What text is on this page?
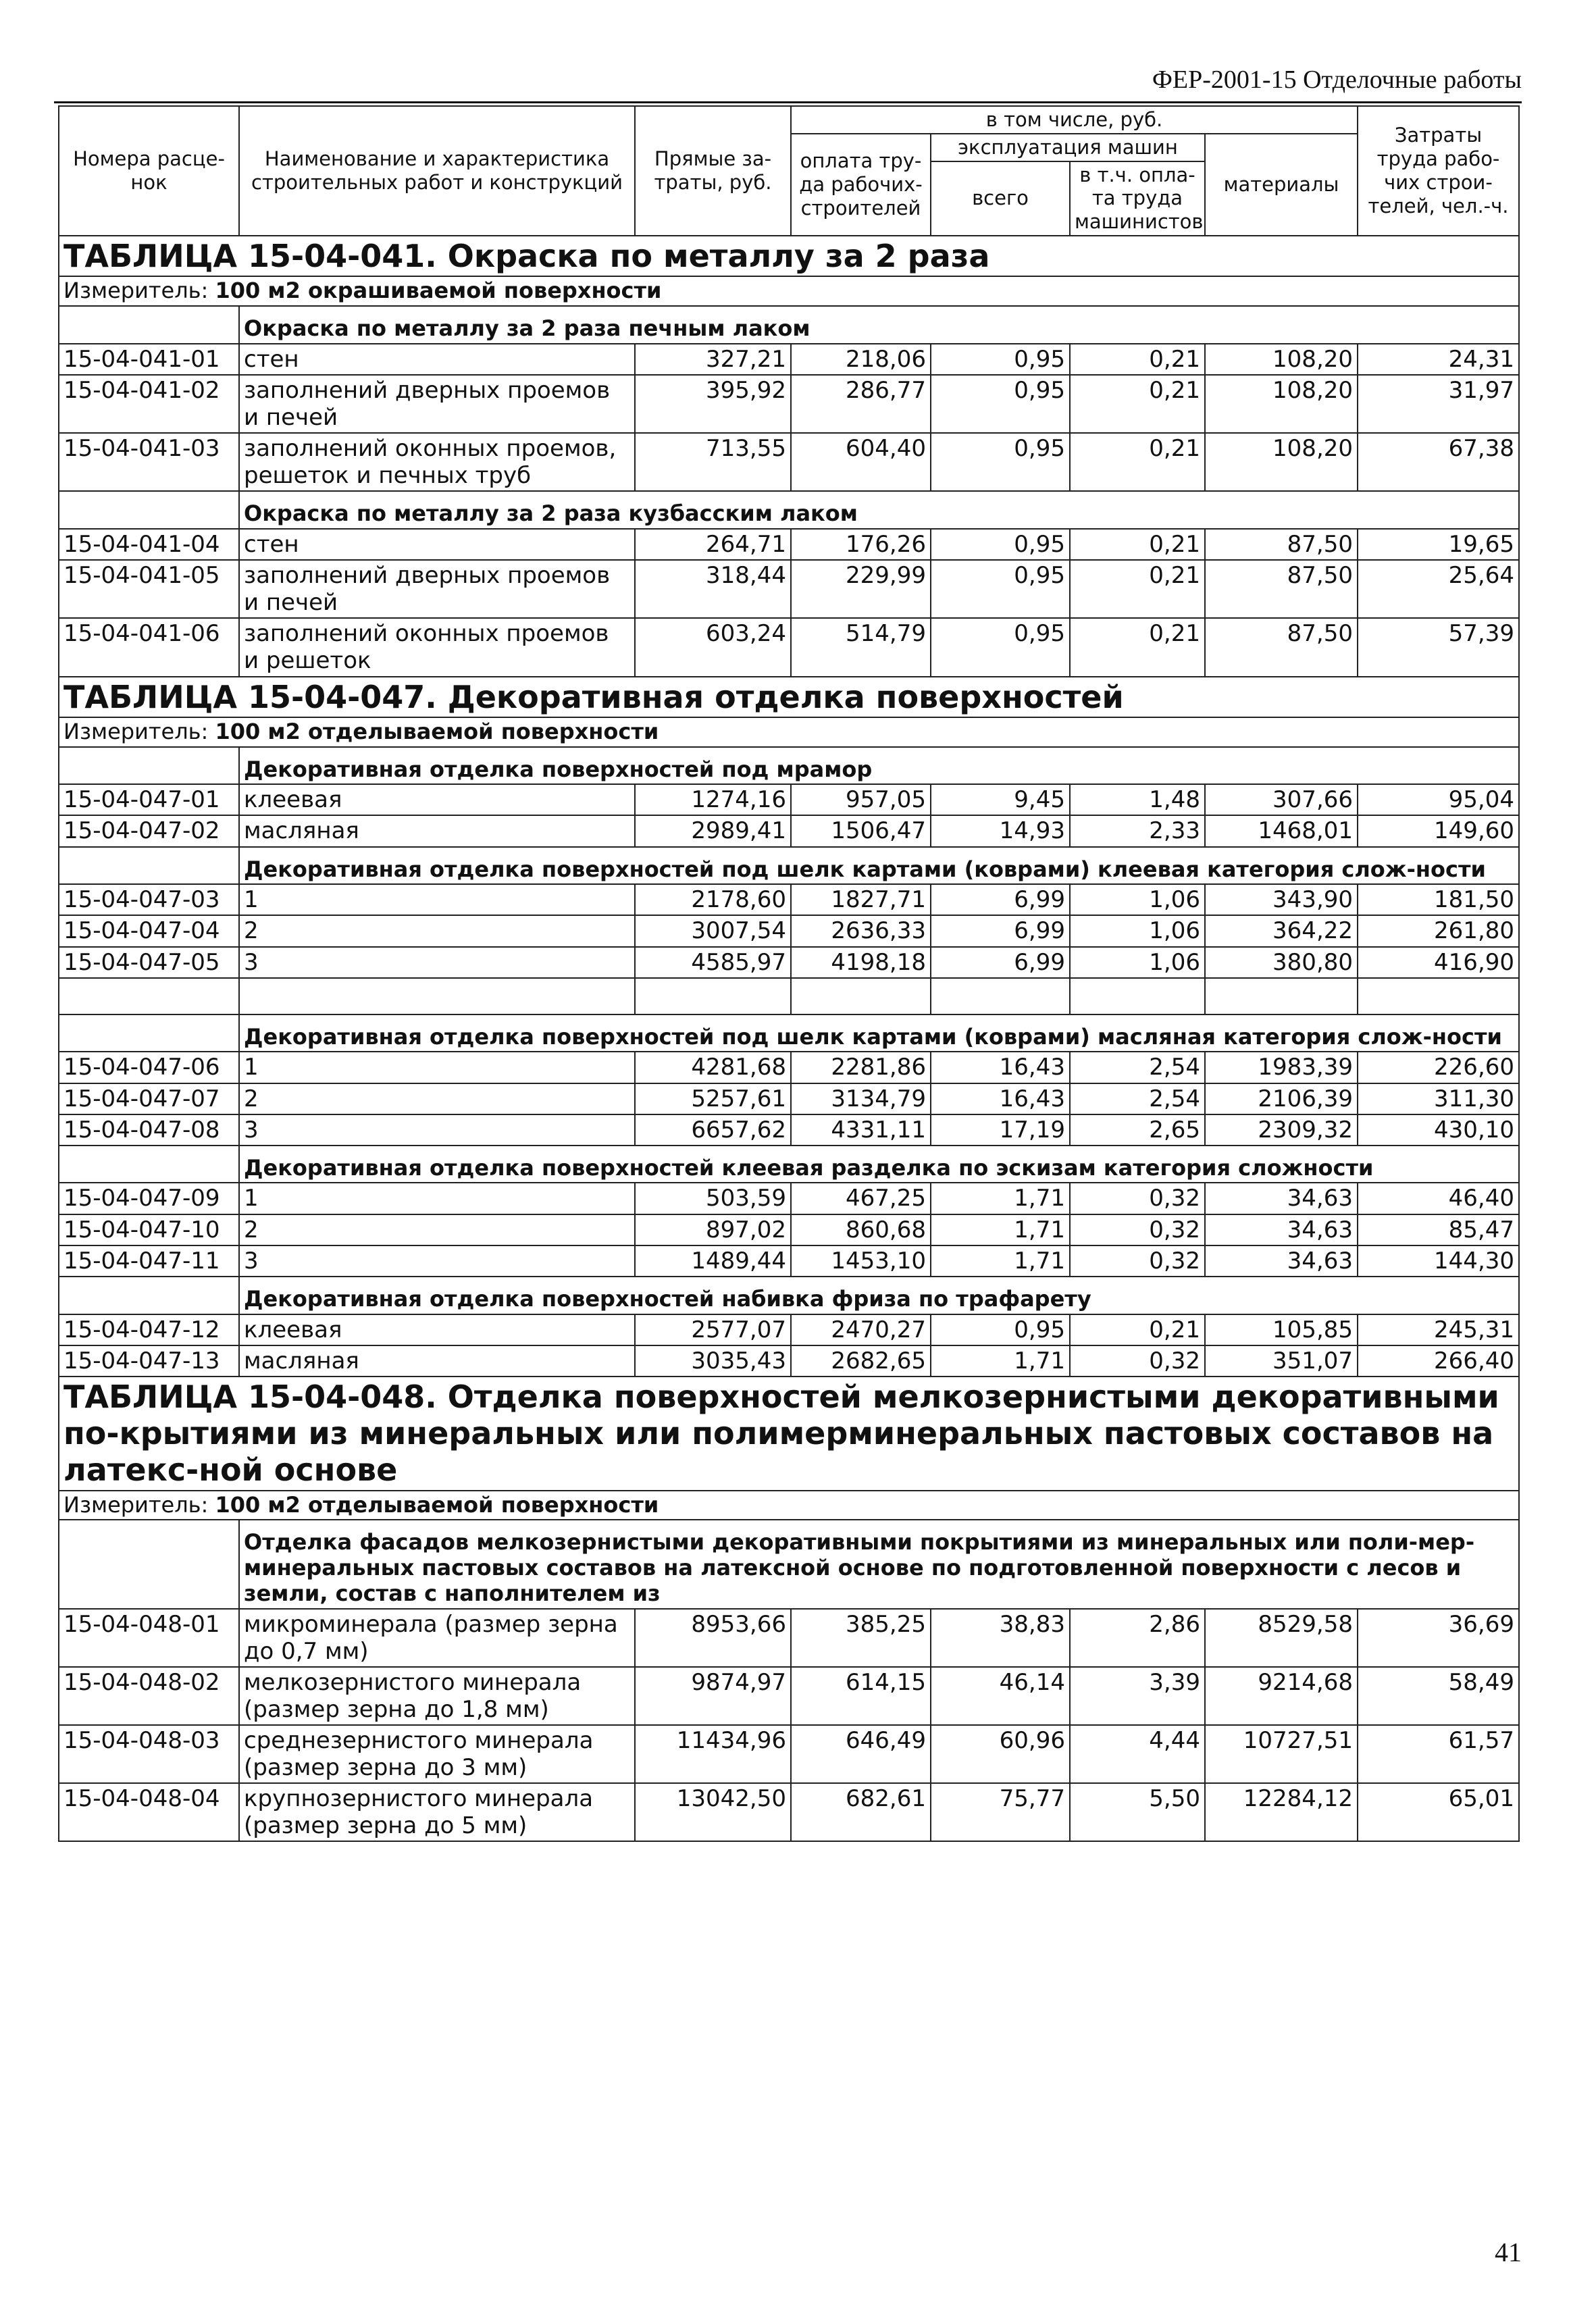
ФЕР-2001-15 Отделочные работы
Номера расце-нок	Наименование и характеристика строительных работ и конструкций	Прямые за-траты, руб.	в том числе, руб.				Затраты труда рабо-чих строи-телей, чел.-ч.
			оплата тру-да рабочих-строителей	эксплуатация машин		материалы	
				всего	в т.ч. опла-та труда машинистов		
ТАБЛИЦА 15-04-041. Окраска по металлу за 2 раза							
Измеритель: 100 м2 окрашиваемой поверхности							
	Окраска по металлу за 2 раза печным лаком						
15-04-041-01	стен	327,21	218,06	0,95	0,21	108,20	24,31
15-04-041-02	заполнений дверных проемов и печей	395,92	286,77	0,95	0,21	108,20	31,97
15-04-041-03	заполнений оконных проемов, решеток и печных труб	713,55	604,40	0,95	0,21	108,20	67,38
	Окраска по металлу за 2 раза кузбасским лаком						
15-04-041-04	стен	264,71	176,26	0,95	0,21	87,50	19,65
15-04-041-05	заполнений дверных проемов и печей	318,44	229,99	0,95	0,21	87,50	25,64
15-04-041-06	заполнений оконных проемов и решеток	603,24	514,79	0,95	0,21	87,50	57,39
ТАБЛИЦА 15-04-047. Декоративная отделка поверхностей							
Измеритель: 100 м2 отделываемой поверхности							
	Декоративная отделка поверхностей под мрамор						
15-04-047-01	клеевая	1274,16	957,05	9,45	1,48	307,66	95,04
15-04-047-02	масляная	2989,41	1506,47	14,93	2,33	1468,01	149,60
	Декоративная отделка поверхностей под шелк картами (коврами) клеевая категория слож-ности						
15-04-047-03	1	2178,60	1827,71	6,99	1,06	343,90	181,50
15-04-047-04	2	3007,54	2636,33	6,99	1,06	364,22	261,80
15-04-047-05	3	4585,97	4198,18	6,99	1,06	380,80	416,90

	Декоративная отделка поверхностей под шелк картами (коврами) масляная категория слож-ности						
15-04-047-06	1	4281,68	2281,86	16,43	2,54	1983,39	226,60
15-04-047-07	2	5257,61	3134,79	16,43	2,54	2106,39	311,30
15-04-047-08	3	6657,62	4331,11	17,19	2,65	2309,32	430,10
	Декоративная отделка поверхностей клеевая разделка по эскизам категория сложности						
15-04-047-09	1	503,59	467,25	1,71	0,32	34,63	46,40
15-04-047-10	2	897,02	860,68	1,71	0,32	34,63	85,47
15-04-047-11	3	1489,44	1453,10	1,71	0,32	34,63	144,30
	Декоративная отделка поверхностей набивка фриза по трафарету						
15-04-047-12	клеевая	2577,07	2470,27	0,95	0,21	105,85	245,31
15-04-047-13	масляная	3035,43	2682,65	1,71	0,32	351,07	266,40
ТАБЛИЦА 15-04-048. Отделка поверхностей мелкозернистыми декоративными по-крытиями из минеральных или полимерминеральных пастовых составов на латекс-ной основе							
Измеритель: 100 м2 отделываемой поверхности							
	Отделка фасадов мелкозернистыми декоративными покрытиями из минеральных или поли-мер-минеральных пастовых составов на латексной основе по подготовленной поверхности с лесов и земли, состав с наполнителем из						
15-04-048-01	микроминерала (размер зерна до 0,7 мм)	8953,66	385,25	38,83	2,86	8529,58	36,69
15-04-048-02	мелкозернистого минерала (размер зерна до 1,8 мм)	9874,97	614,15	46,14	3,39	9214,68	58,49
15-04-048-03	среднезернистого минерала (размер зерна до 3 мм)	11434,96	646,49	60,96	4,44	10727,51	61,57
15-04-048-04	крупнозернистого минерала (размер зерна до 5 мм)	13042,50	682,61	75,77	5,50	12284,12	65,01
41
